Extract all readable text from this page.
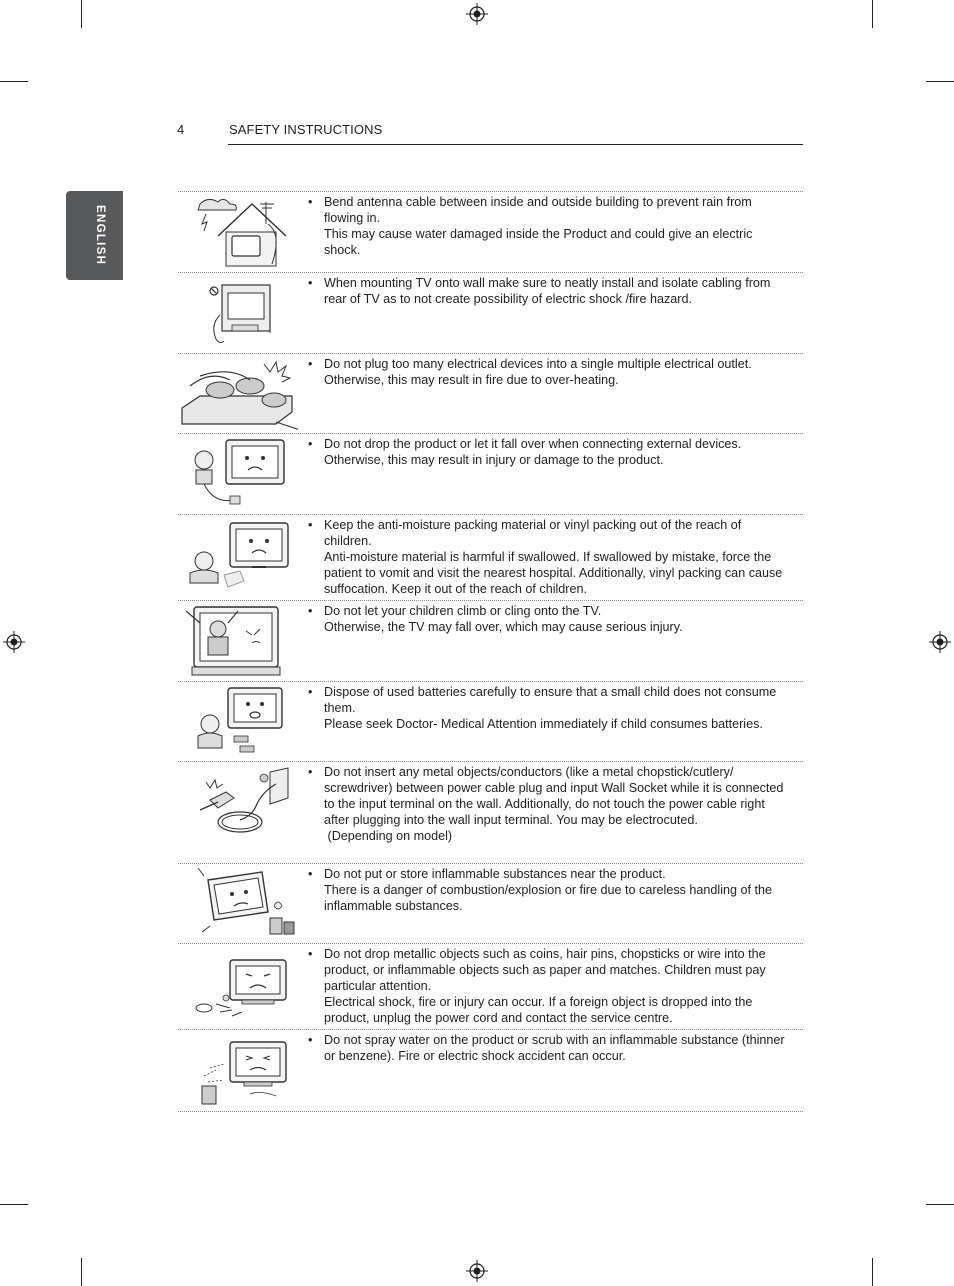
4	SAFETY INSTRUCTIONS
ENGLISH
• Bend antenna cable between inside and outside building to prevent rain from flowing in.

This may cause water damaged inside the Product and could give an electric shock.

• When mounting TV onto wall make sure to neatly install and isolate cabling from rear of TV as to not create possibility of electric shock /fire hazard.

• Do not plug too many electrical devices into a single multiple electrical outlet.

Otherwise, this may result in fire due to over-heating.

• Do not drop the product or let it fall over when connecting external devices.

Otherwise, this may result in injury or damage to the product.

• Keep the anti-moisture packing material or vinyl packing out of the reach of children.

Anti-moisture material is harmful if swallowed. If swallowed by mistake, force the patient to vomit and visit the nearest hospital. Additionally, vinyl packing can cause suffocation. Keep it out of the reach of children.

• Do not let your children climb or cling onto the TV.

Otherwise, the TV may fall over, which may cause serious injury.

• Dispose of used batteries carefully to ensure that a small child does not consume them.

Please seek Doctor- Medical Attention immediately if child consumes batteries.

• Do not insert any metal objects/conductors (like a metal chopstick/cutlery/ screwdriver) between power cable plug and input Wall Socket while it is connected to the input terminal on the wall. Additionally, do not touch the power cable right after plugging into the wall input terminal. You may be electrocuted.

(Depending on model)

• Do not put or store inflammable substances near the product.

There is a danger of combustion/explosion or fire due to careless handling of the inflammable substances.

• Do not drop metallic objects such as coins, hair pins, chopsticks or wire into the product, or inflammable objects such as paper and matches. Children must pay particular attention.

Electrical shock, fire or injury can occur. If a foreign object is dropped into the product, unplug the power cord and contact the service centre.

• Do not spray water on the product or scrub with an inflammable substance (thinner or benzene). Fire or electric shock accident can occur.
